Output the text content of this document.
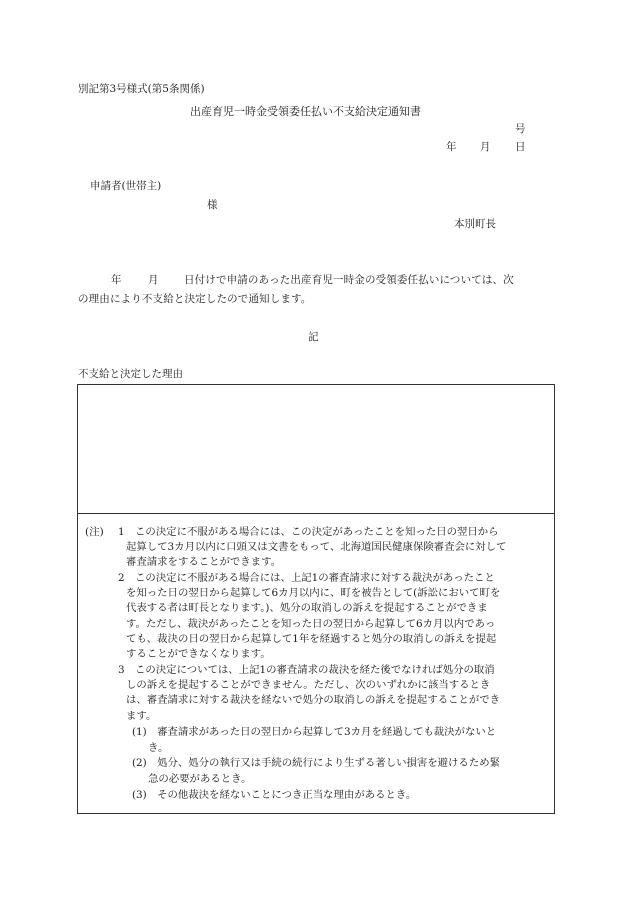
別記第3号様式(第5条関係)
出産育児一時金受領委任払い不支給決定通知書
号
年 月 日
申請者(世帯主)
様
本別町長
年	月 日付けで申請のあった出産育児一時金の受領委任払いについては、次
の理由により不支給と決定したので通知します。
記
不支給と決定した理由
(注) 1　この決定に不服がある場合には、この決定があったことを知った日の翌日から
起算して3カ月以内に口頭又は文書をもって、北海道国民健康保険審査会に対して
審査請求をすることができます。
2　この決定に不服がある場合には、上記1の審査請求に対する裁決があったこと
を知った日の翌日から起算して6カ月以内に、町を被告として(訴訟において町を
代表する者は町長となります。)、処分の取消しの訴えを提起することができま
す。ただし、裁決があったことを知った日の翌日から起算して6カ月以内であっ
ても、裁決の日の翌日から起算して1年を経過すると処分の取消しの訴えを提起
することができなくなります。
3　この決定については、上記1の審査請求の裁決を経た後でなければ処分の取消
しの訴えを提起することができません。ただし、次のいずれかに該当するとき
は、審査請求に対する裁決を経ないで処分の取消しの訴えを提起することができ
ます。
(1)　審査請求があった日の翌日から起算して3カ月を経過しても裁決がないと
き。
(2)　処分、処分の執行又は手続の続行により生ずる著しい損害を避けるため緊
急の必要があるとき。
(3)　その他裁決を経ないことにつき正当な理由があるとき。
